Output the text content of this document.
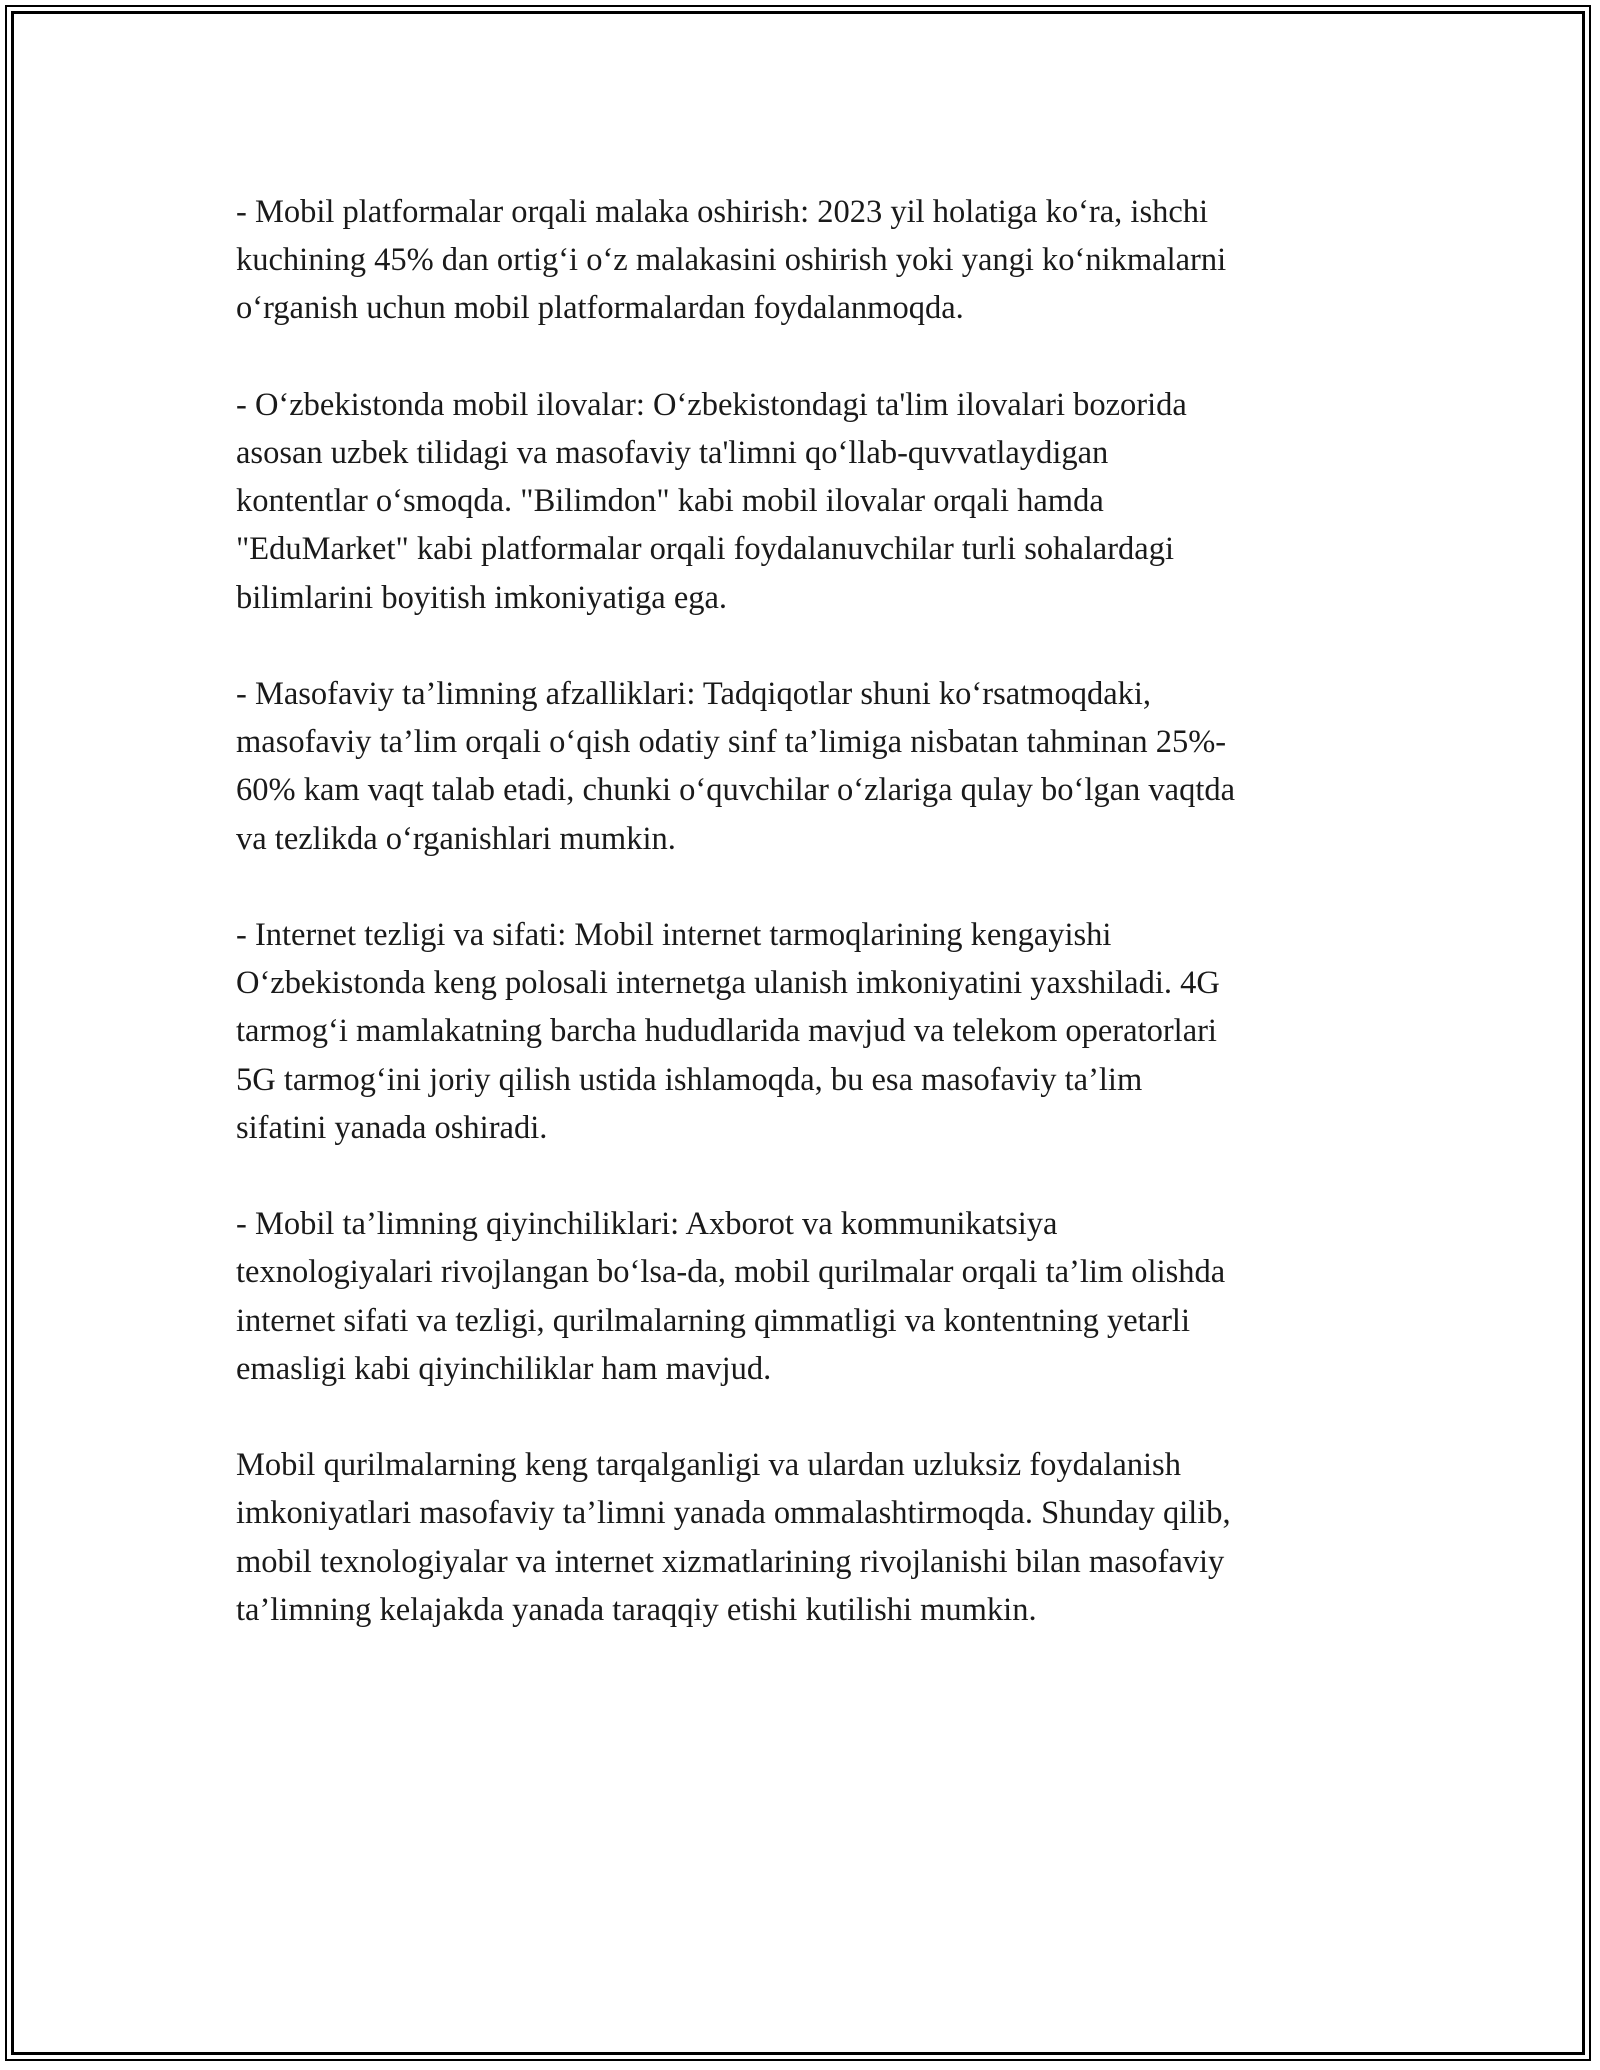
- Mobil platformalar orqali malaka oshirish: 2023 yil holatiga koʻra, ishchi
kuchining 45% dan ortigʻi oʻz malakasini oshirish yoki yangi koʻnikmalarni
oʻrganish uchun mobil platformalardan foydalanmoqda.

- Oʻzbekistonda mobil ilovalar: Oʻzbekistondagi ta'lim ilovalari bozorida
asosan uzbek tilidagi va masofaviy ta'limni qoʻllab-quvvatlaydigan
kontentlar oʻsmoqda. "Bilimdon" kabi mobil ilovalar orqali hamda
"EduMarket" kabi platformalar orqali foydalanuvchilar turli sohalardagi
bilimlarini boyitish imkoniyatiga ega.

- Masofaviy ta’limning afzalliklari: Tadqiqotlar shuni koʻrsatmoqdaki,
masofaviy ta’lim orqali oʻqish odatiy sinf ta’limiga nisbatan tahminan 25%-
60% kam vaqt talab etadi, chunki oʻquvchilar oʻzlariga qulay boʻlgan vaqtda
va tezlikda oʻrganishlari mumkin.

- Internet tezligi va sifati: Mobil internet tarmoqlarining kengayishi
Oʻzbekistonda keng polosali internetga ulanish imkoniyatini yaxshiladi. 4G
tarmogʻi mamlakatning barcha hududlarida mavjud va telekom operatorlari
5G tarmogʻini joriy qilish ustida ishlamoqda, bu esa masofaviy ta’lim
sifatini yanada oshiradi.

- Mobil ta’limning qiyinchiliklari: Axborot va kommunikatsiya
texnologiyalari rivojlangan boʻlsa-da, mobil qurilmalar orqali ta’lim olishda
internet sifati va tezligi, qurilmalarning qimmatligi va kontentning yetarli
emasligi kabi qiyinchiliklar ham mavjud.

Mobil qurilmalarning keng tarqalganligi va ulardan uzluksiz foydalanish
imkoniyatlari masofaviy ta’limni yanada ommalashtirmoqda. Shunday qilib,
mobil texnologiyalar va internet xizmatlarining rivojlanishi bilan masofaviy
ta’limning kelajakda yanada taraqqiy etishi kutilishi mumkin.
